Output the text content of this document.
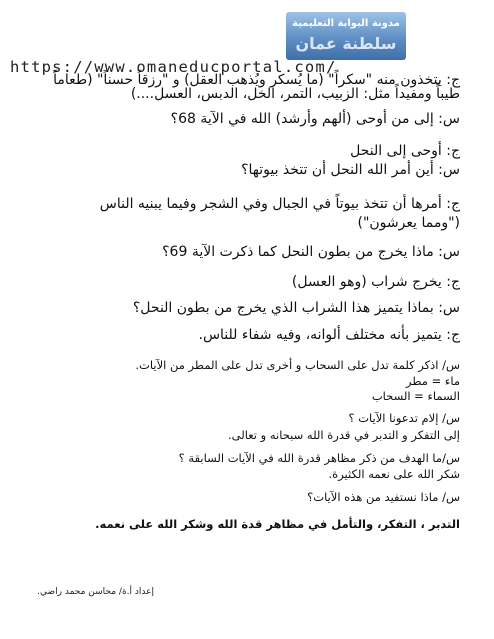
مدونة البوابة التعليمية
سلطنة عمان
https://www.omaneducportal.com/
ج: يتخذون منه "سكراً" (ما يُسكر ويُذهب العقل) و "رزقاً حسناً" (طعاماً
طيباً ومفيداً مثل: الزبيب، التمر، الخل، الدبس، العسل....)
س: إلى من أوحى (ألهم وأرشد) الله في الآية 68؟
ج: أوحى إلى النحل
س: أين أمر الله النحل أن تتخذ بيوتها؟
ج: أمرها أن تتخذ بيوتاً في الجبال وفي الشجر وفيما يبنيه الناس
("ومما يعرشون")
س: ماذا يخرج من بطون النحل كما ذكرت الآية 69؟
ج: يخرج شراب (وهو العسل)
س: بماذا يتميز هذا الشراب الذي يخرج من بطون النحل؟
ج: يتميز بأنه مختلف ألوانه، وفيه شفاء للناس.
س/ اذكر كلمة تدل على السحاب و أخرى تدل على المطر من الآيات.
ماء = مطر
السماء = السحاب
س/ إلام تدعونا الآيات ؟
إلى التفكر و التدبر في قدرة الله سبحانه و تعالى.
س/ما الهدف من ذكر مظاهر قدرة الله في الآيات السابقة ؟
شكر الله على نعمه الكثيرة.
س/ ماذا نستفيد من هذه الآيات؟
التدبر ، التفكر، والتأمل في مظاهر قدة الله وشكر الله على نعمه.
إعداد أ.ة/ محاسن محمد راضي.
